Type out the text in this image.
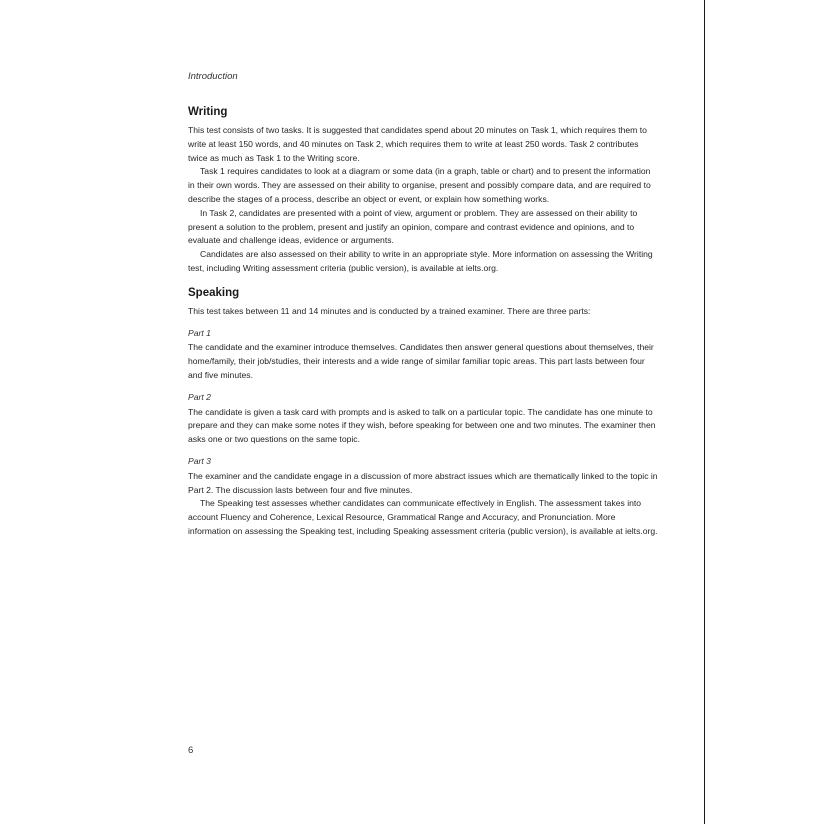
Introduction
Writing

This test consists of two tasks. It is suggested that candidates spend about 20 minutes on Task 1, which requires them to write at least 150 words, and 40 minutes on Task 2, which requires them to write at least 250 words. Task 2 contributes twice as much as Task 1 to the Writing score.

Task 1 requires candidates to look at a diagram or some data (in a graph, table or chart) and to present the information in their own words. They are assessed on their ability to organise, present and possibly compare data, and are required to describe the stages of a process, describe an object or event, or explain how something works.

In Task 2, candidates are presented with a point of view, argument or problem. They are assessed on their ability to present a solution to the problem, present and justify an opinion, compare and contrast evidence and opinions, and to evaluate and challenge ideas, evidence or arguments.

Candidates are also assessed on their ability to write in an appropriate style. More information on assessing the Writing test, including Writing assessment criteria (public version), is available at ielts.org.

Speaking

This test takes between 11 and 14 minutes and is conducted by a trained examiner. There are three parts:

Part 1

The candidate and the examiner introduce themselves. Candidates then answer general questions about themselves, their home/family, their job/studies, their interests and a wide range of similar familiar topic areas. This part lasts between four and five minutes.

Part 2

The candidate is given a task card with prompts and is asked to talk on a particular topic. The candidate has one minute to prepare and they can make some notes if they wish, before speaking for between one and two minutes. The examiner then asks one or two questions on the same topic.

Part 3

The examiner and the candidate engage in a discussion of more abstract issues which are thematically linked to the topic in Part 2. The discussion lasts between four and five minutes.

The Speaking test assesses whether candidates can communicate effectively in English. The assessment takes into account Fluency and Coherence, Lexical Resource, Grammatical Range and Accuracy, and Pronunciation. More information on assessing the Speaking test, including Speaking assessment criteria (public version), is available at ielts.org.

6
